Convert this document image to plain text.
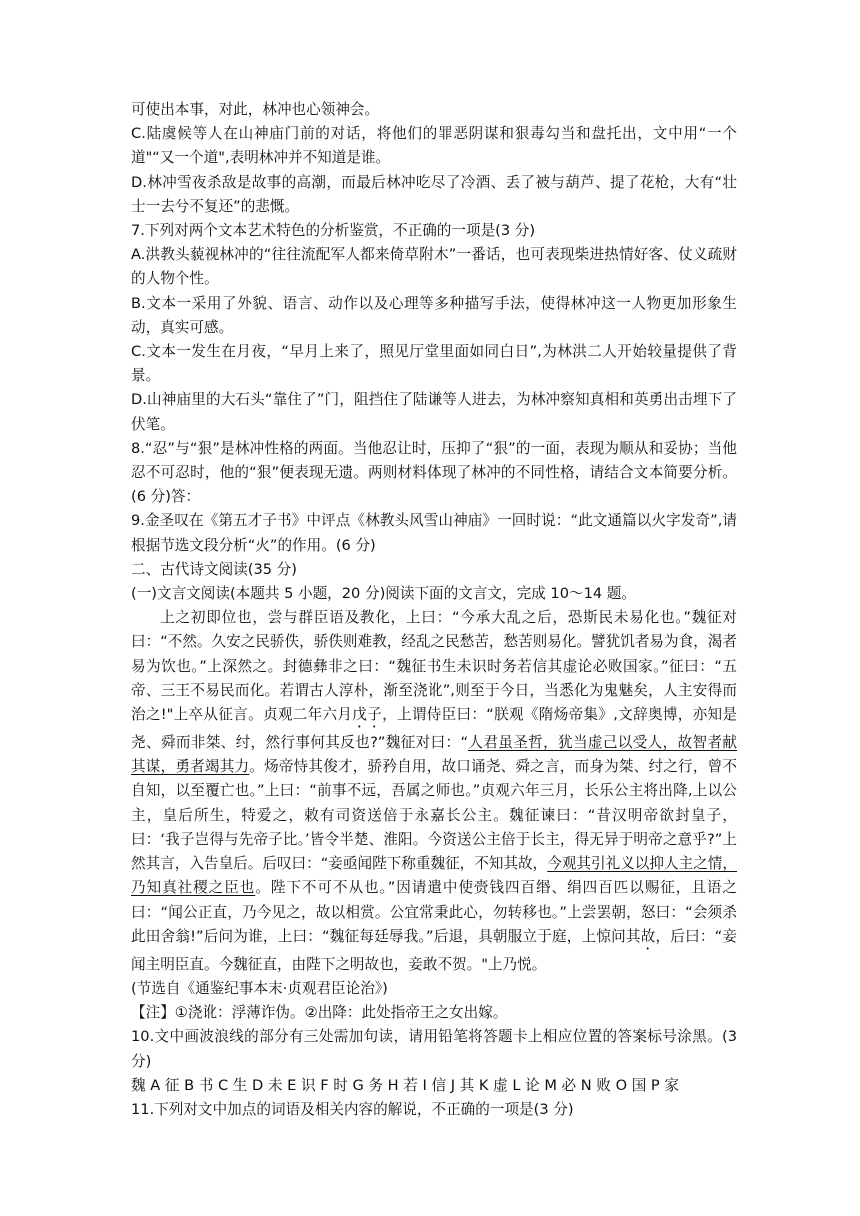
可使出本事，对此，林冲也心领神会。

C.陆虞候等人在山神庙门前的对话，将他们的罪恶阴谋和狠毒勾当和盘托出，文中用“一个道"“又一个道",表明林冲并不知道是谁。

D.林冲雪夜杀敌是故事的高潮，而最后林冲吃尽了冷酒、丢了被与葫芦、提了花枪，大有“壮士一去兮不复还”的悲慨。

7.下列对两个文本艺术特色的分析鉴赏，不正确的一项是(3 分)

A.洪教头藐视林冲的“往往流配军人都来倚草附木”一番话，也可表现柴进热情好客、仗义疏财的人物个性。

B.文本一采用了外貌、语言、动作以及心理等多种描写手法，使得林冲这一人物更加形象生动，真实可感。

C.文本一发生在月夜，“早月上来了，照见厅堂里面如同白日”,为林洪二人开始较量提供了背景。

D.山神庙里的大石头“靠住了”门，阻挡住了陆谦等人进去，为林冲察知真相和英勇出击埋下了伏笔。

8.“忍”与“狠”是林冲性格的两面。当他忍让时，压抑了“狠”的一面，表现为顺从和妥协；当他忍不可忍时，他的“狠”便表现无遗。两则材料体现了林冲的不同性格，请结合文本简要分析。(6 分)答：

9.金圣叹在《第五才子书》中评点《林教头风雪山神庙》一回时说：“此文通篇以火字发奇”,请根据节选文段分析“火”的作用。(6 分)

二、古代诗文阅读(35 分)

(一)文言文阅读(本题共 5 小题，20 分)阅读下面的文言文，完成 10～14 题。

上之初即位也，尝与群臣语及教化，上曰：“今承大乱之后，恐斯民未易化也。”魏征对曰：“不然。久安之民骄佚，骄佚则难教，经乱之民愁苦，愁苦则易化。譬犹饥者易为食，渴者易为饮也。”上深然之。封德彝非之曰：“魏征书生未识时务若信其虚论必败国家。”征曰：“五帝、三王不易民而化。若谓古人淳朴，渐至浇讹”,则至于今日，当悉化为鬼魅矣，人主安得而治之!"上卒从征言。贞观二年六月戊子，上谓侍臣曰：“朕观《隋炀帝集》,文辞奥博，亦知是尧、舜而非桀、纣，然行事何其反也?”魏征对曰：“人君虽圣哲，犹当虚己以受人，故智者献其谋，勇者竭其力。炀帝恃其俊才，骄矜自用，故口诵尧、舜之言，而身为桀、纣之行，曾不自知，以至覆亡也。”上曰：“前事不远，吾属之师也。”贞观六年三月，长乐公主将出降,上以公主，皇后所生，特爱之，敕有司资送倍于永嘉长公主。魏征谏曰：“昔汉明帝欲封皇子，曰：‘我子岂得与先帝子比。’皆令半楚、淮阳。今资送公主倍于长主，得无异于明帝之意乎?”上然其言，入告皇后。后叹曰：“妾亟闻陛下称重魏征，不知其故，今观其引礼义以抑人主之情，乃知真社稷之臣也。陛下不可不从也。”因请遣中使赍钱四百缗、绢四百匹以赐征，且语之曰：“闻公正直，乃今见之，故以相赏。公宜常秉此心，勿转移也。”上尝罢朝，怒曰：“会须杀此田舍翁!”后问为谁，上曰：“魏征每廷辱我。”后退，具朝服立于庭，上惊问其故，后曰：“妾闻主明臣直。今魏征直，由陛下之明故也，妾敢不贺。"上乃悦。

(节选自《通鉴纪事本末·贞观君臣论治》)

【注】①浇讹：浮薄诈伪。②出降：此处指帝王之女出嫁。

10.文中画波浪线的部分有三处需加句读，请用铅笔将答题卡上相应位置的答案标号涂黑。(3 分)

魏 A 征 B 书 C 生 D 未 E 识 F 时 G 务 H 若 I 信 J 其 K 虚 L 论 M 必 N 败 O 国 P 家

11.下列对文中加点的词语及相关内容的解说，不正确的一项是(3 分)
